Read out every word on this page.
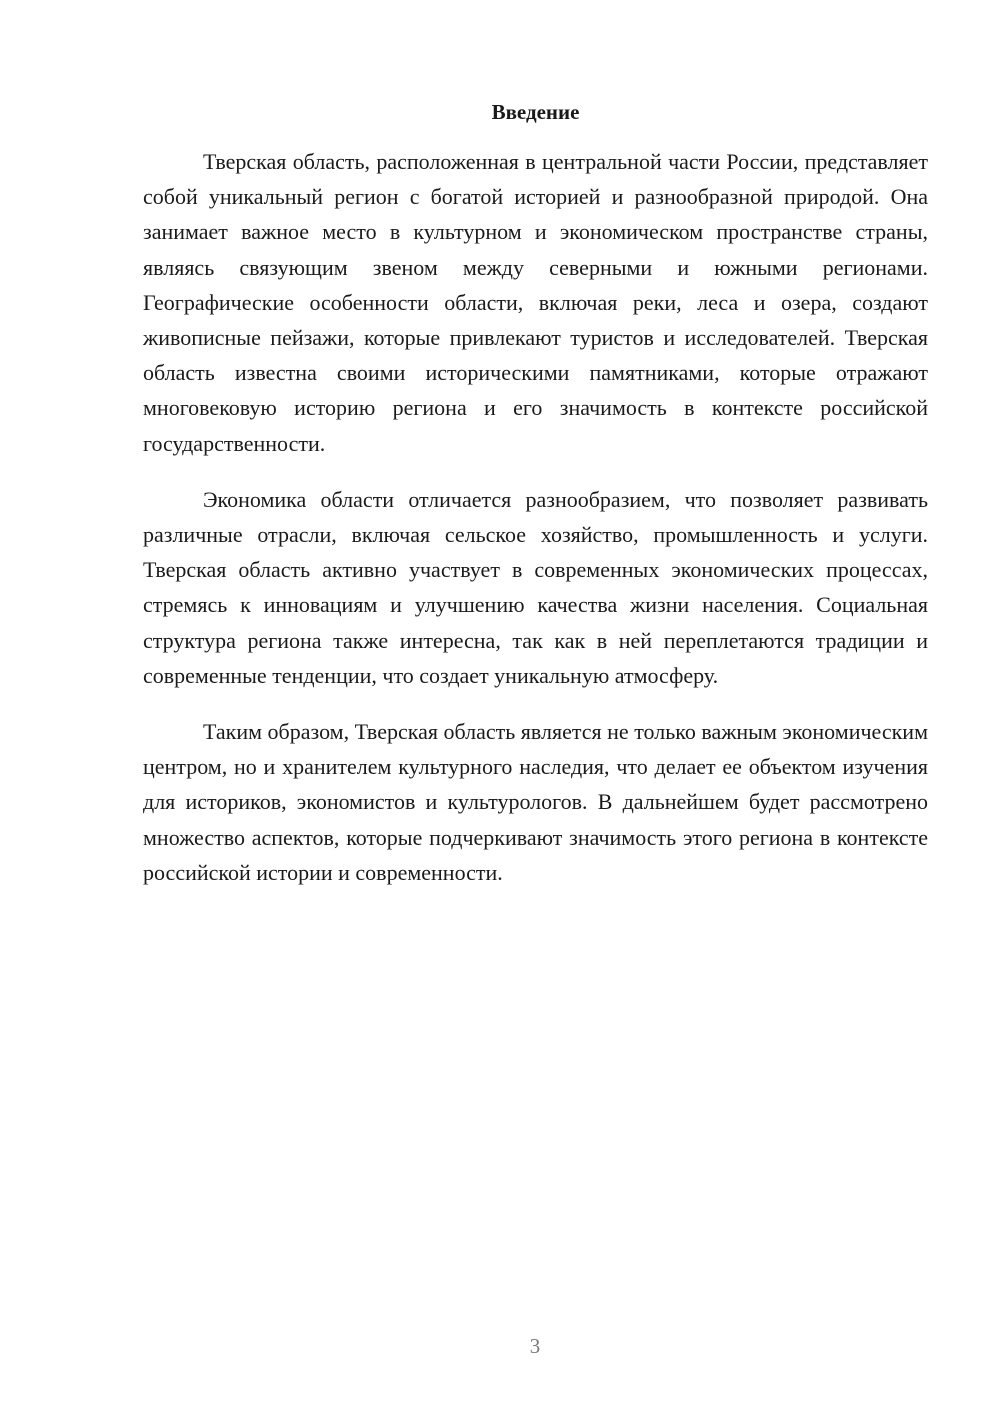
Введение

Тверская область, расположенная в центральной части России, представляет собой уникальный регион с богатой историей и разнообразной природой. Она занимает важное место в культурном и экономическом пространстве страны, являясь связующим звеном между северными и южными регионами. Географические особенности области, включая реки, леса и озера, создают живописные пейзажи, которые привлекают туристов и исследователей. Тверская область известна своими историческими памятниками, которые отражают многовековую историю региона и его значимость в контексте российской государственности.

Экономика области отличается разнообразием, что позволяет развивать различные отрасли, включая сельское хозяйство, промышленность и услуги. Тверская область активно участвует в современных экономических процессах, стремясь к инновациям и улучшению качества жизни населения. Социальная структура региона также интересна, так как в ней переплетаются традиции и современные тенденции, что создает уникальную атмосферу.

Таким образом, Тверская область является не только важным экономическим центром, но и хранителем культурного наследия, что делает ее объектом изучения для историков, экономистов и культурологов. В дальнейшем будет рассмотрено множество аспектов, которые подчеркивают значимость этого региона в контексте российской истории и современности.

3
